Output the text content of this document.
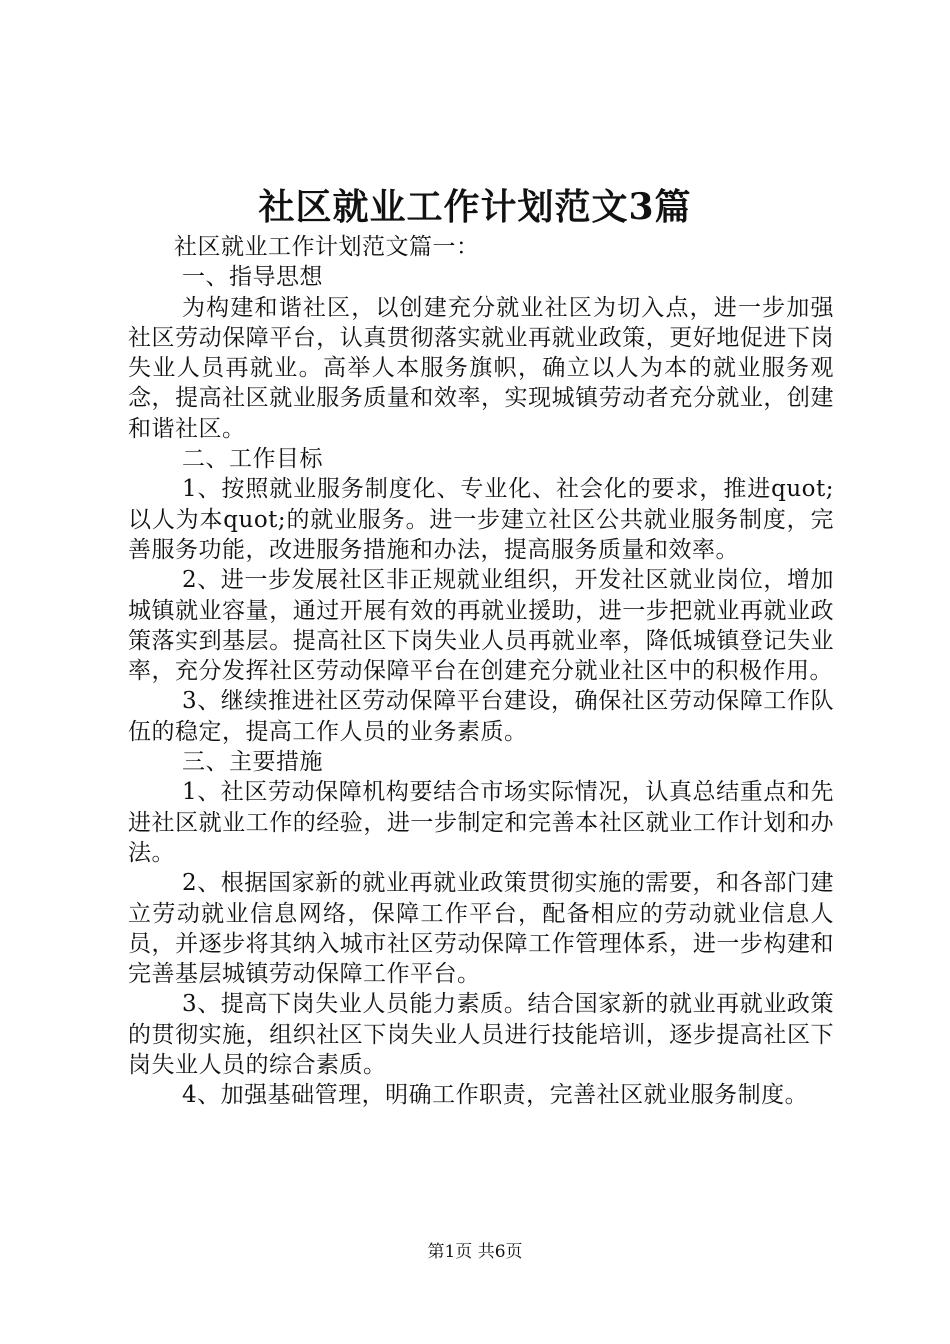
社区就业工作计划范文3篇

社区就业工作计划范文篇一：

一、指导思想

为构建和谐社区，以创建充分就业社区为切入点，进一步加强社区劳动保障平台，认真贯彻落实就业再就业政策，更好地促进下岗失业人员再就业。高举人本服务旗帜，确立以人为本的就业服务观念，提高社区就业服务质量和效率，实现城镇劳动者充分就业，创建和谐社区。

二、工作目标

1、按照就业服务制度化、专业化、社会化的要求，推进quot;以人为本quot;的就业服务。进一步建立社区公共就业服务制度，完善服务功能，改进服务措施和办法，提高服务质量和效率。

2、进一步发展社区非正规就业组织，开发社区就业岗位，增加城镇就业容量，通过开展有效的再就业援助，进一步把就业再就业政策落实到基层。提高社区下岗失业人员再就业率，降低城镇登记失业率，充分发挥社区劳动保障平台在创建充分就业社区中的积极作用。

3、继续推进社区劳动保障平台建设，确保社区劳动保障工作队伍的稳定，提高工作人员的业务素质。

三、主要措施

1、社区劳动保障机构要结合市场实际情况，认真总结重点和先进社区就业工作的经验，进一步制定和完善本社区就业工作计划和办法。

2、根据国家新的就业再就业政策贯彻实施的需要，和各部门建立劳动就业信息网络，保障工作平台，配备相应的劳动就业信息人员，并逐步将其纳入城市社区劳动保障工作管理体系，进一步构建和完善基层城镇劳动保障工作平台。

3、提高下岗失业人员能力素质。结合国家新的就业再就业政策的贯彻实施，组织社区下岗失业人员进行技能培训，逐步提高社区下岗失业人员的综合素质。

4、加强基础管理，明确工作职责，完善社区就业服务制度。

第1页 共6页
